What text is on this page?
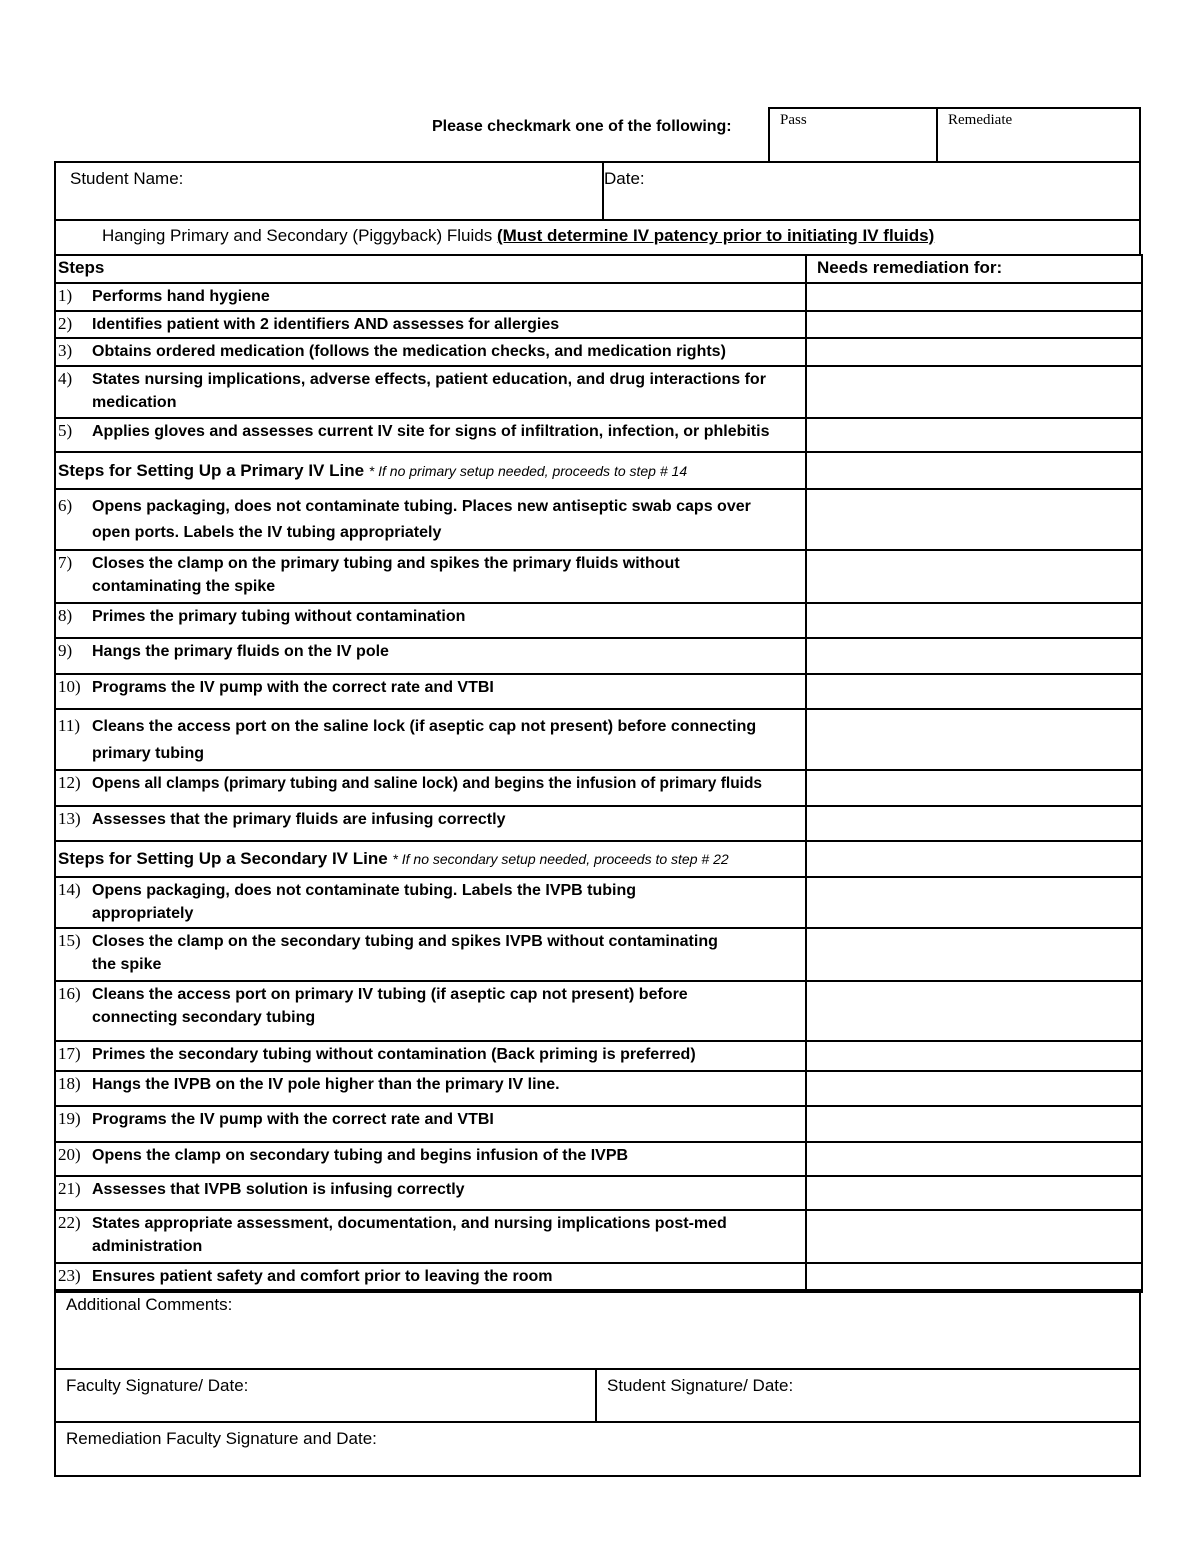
Please checkmark one of the following:	Pass	Remediate
Student Name:	Date:
Hanging Primary and Secondary (Piggyback) Fluids (Must determine IV patency prior to initiating IV fluids)
Steps	Needs remediation for:
1) Performs hand hygiene	
2) Identifies patient with 2 identifiers AND assesses for allergies	
3) Obtains ordered medication (follows the medication checks, and medication rights)	
4) States nursing implications, adverse effects, patient education, and drug interactions for
medication	

5) Applies gloves and assesses current IV site for signs of infiltration, infection, or phlebitis	
Steps for Setting Up a Primary IV Line * If no primary setup needed, proceeds to step # 14	
6) Opens packaging, does not contaminate tubing. Places new antiseptic swab caps over
open ports. Labels the IV tubing appropriately	

7) Closes the clamp on the primary tubing and spikes the primary fluids without
contaminating the spike	

8) Primes the primary tubing without contamination	
9) Hangs the primary fluids on the IV pole	
10) Programs the IV pump with the correct rate and VTBI	
11) Cleans the access port on the saline lock (if aseptic cap not present) before connecting
primary tubing	

12) Opens all clamps (primary tubing and saline lock) and begins the infusion of primary fluids	
13) Assesses that the primary fluids are infusing correctly	
Steps for Setting Up a Secondary IV Line * If no secondary setup needed, proceeds to step # 22	
14) Opens packaging, does not contaminate tubing. Labels the IVPB tubing
appropriately	

15) Closes the clamp on the secondary tubing and spikes IVPB without contaminating
the spike	

16) Cleans the access port on primary IV tubing (if aseptic cap not present) before
connecting secondary tubing	

17) Primes the secondary tubing without contamination (Back priming is preferred)	
18) Hangs the IVPB on the IV pole higher than the primary IV line.	
19) Programs the IV pump with the correct rate and VTBI	
20) Opens the clamp on secondary tubing and begins infusion of the IVPB	
21) Assesses that IVPB solution is infusing correctly	
22) States appropriate assessment, documentation, and nursing implications post-med
administration	

23) Ensures patient safety and comfort prior to leaving the room	
Additional Comments:
Faculty Signature/ Date:	Student Signature/ Date:
Remediation Faculty Signature and Date:
